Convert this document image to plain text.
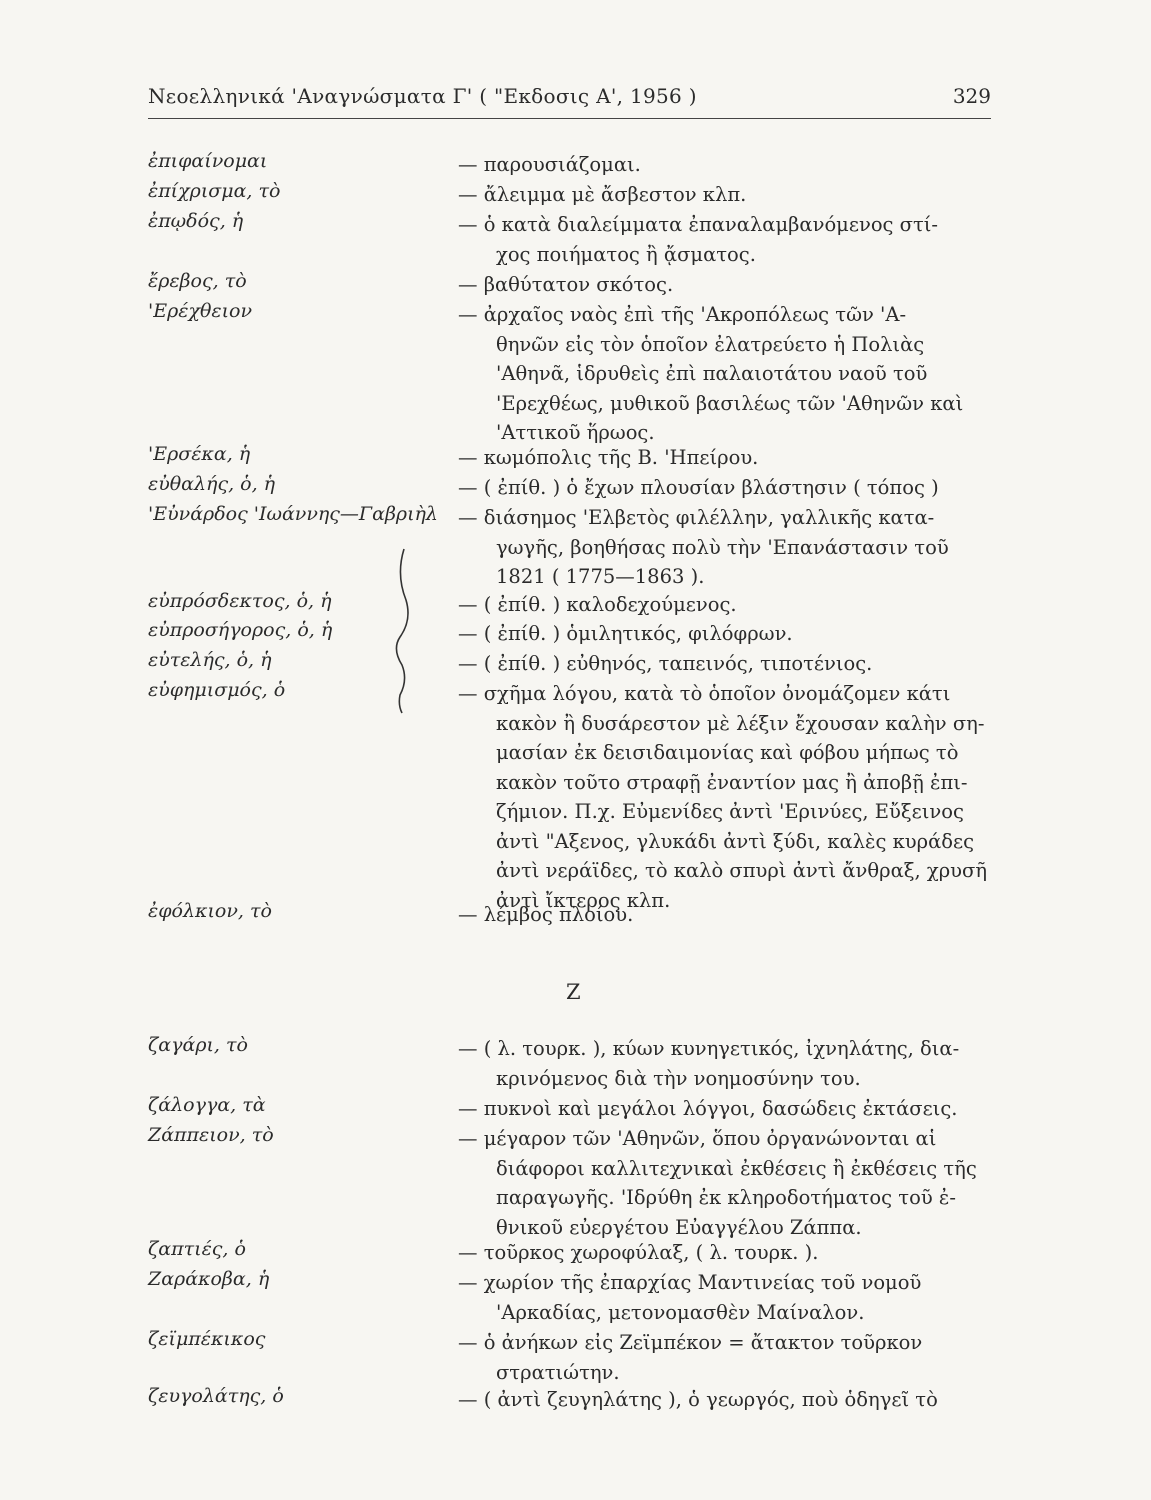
Νεοελληνικά 'Αναγνώσματα Γ' ( "Εκδοσις Α', 1956 )	329
ἐπιφαίνομαι	— παρουσιάζομαι.
ἐπίχρισμα, τὸ	— ἄλειμμα μὲ ἄσβεστον κλπ.
ἐπῳδός, ἡ	— ὁ κατὰ διαλείμματα ἐπαναλαμβανόμενος στί-
χος ποιήματος ἢ ᾄσματος.
ἔρεβος, τὸ	— βαθύτατον σκότος.
'Ερέχθειον	— ἀρχαῖος ναὸς ἐπὶ τῆς 'Ακροπόλεως τῶν 'Α-
θηνῶν εἰς τὸν ὁποῖον ἐλατρεύετο ἡ Πολιὰς
'Αθηνᾶ, ἱδρυθεὶς ἐπὶ παλαιοτάτου ναοῦ τοῦ
'Ερεχθέως, μυθικοῦ βασιλέως τῶν 'Αθηνῶν καὶ
'Αττικοῦ ἥρωος.
'Ερσέκα, ἡ	— κωμόπολις τῆς Β. 'Ηπείρου.
εὐθαλής, ὁ, ἡ	— ( ἐπίθ. ) ὁ ἔχων πλουσίαν βλάστησιν ( τόπος )
'Εὐνάρδος 'Ιωάννης—Γαβριὴλ — διάσημος 'Ελβετὸς φιλέλλην, γαλλικῆς κατα-
γωγῆς, βοηθήσας πολὺ τὴν 'Επανάστασιν τοῦ
1821 ( 1775—1863 ).
εὐπρόσδεκτος, ὁ, ἡ	— ( ἐπίθ. ) καλοδεχούμενος.
εὐπροσήγορος, ὁ, ἡ	— ( ἐπίθ. ) ὁμιλητικός, φιλόφρων.
εὐτελής, ὁ, ἡ	— ( ἐπίθ. ) εὐθηνός, ταπεινός, τιποτένιος.
εὐφημισμός, ὁ	— σχῆμα λόγου, κατὰ τὸ ὁποῖον ὀνομάζομεν κάτι
κακὸν ἢ δυσάρεστον μὲ λέξιν ἔχουσαν καλὴν ση-
μασίαν ἐκ δεισιδαιμονίας καὶ φόβου μήπως τὸ
κακὸν τοῦτο στραφῇ ἐναντίον μας ἢ ἀποβῇ ἐπι-
ζήμιον. Π.χ. Εὐμενίδες ἀντὶ 'Ερινύες, Εὔξεινος
ἀντὶ "Αξενος, γλυκάδι ἀντὶ ξύδι, καλὲς κυράδες
ἀντὶ νεράϊδες, τὸ καλὸ σπυρὶ ἀντὶ ἄνθραξ, χρυσῆ
ἀντὶ ἴκτερος κλπ.
ἐφόλκιον, τὸ	— λέμβος πλοίου.
Ζ
ζαγάρι, τὸ	— ( λ. τουρκ. ), κύων κυνηγετικός, ἰχνηλάτης, δια-
κρινόμενος διὰ τὴν νοημοσύνην του.
ζάλογγα, τὰ	— πυκνοὶ καὶ μεγάλοι λόγγοι, δασώδεις ἐκτάσεις.
Ζάππειον, τὸ	— μέγαρον τῶν 'Αθηνῶν, ὅπου ὀργανώνονται αἱ
διάφοροι καλλιτεχνικαὶ ἐκθέσεις ἢ ἐκθέσεις τῆς
παραγωγῆς. 'Ιδρύθη ἐκ κληροδοτήματος τοῦ ἐ-
θνικοῦ εὐεργέτου Εὐαγγέλου Ζάππα.
ζαπτιές, ὁ	— τοῦρκος χωροφύλαξ, ( λ. τουρκ. ).
Ζαράκοβα, ἡ	— χωρίον τῆς ἐπαρχίας Μαντινείας τοῦ νομοῦ
'Αρκαδίας, μετονομασθὲν Μαίναλον.
ζεϊμπέκικος	— ὁ ἀνήκων εἰς Ζεϊμπέκον = ἄτακτον τοῦρκον
στρατιώτην.
ζευγολάτης, ὁ	— ( ἀντὶ ζευγηλάτης ), ὁ γεωργός, ποὺ ὁδηγεῖ τὸ
